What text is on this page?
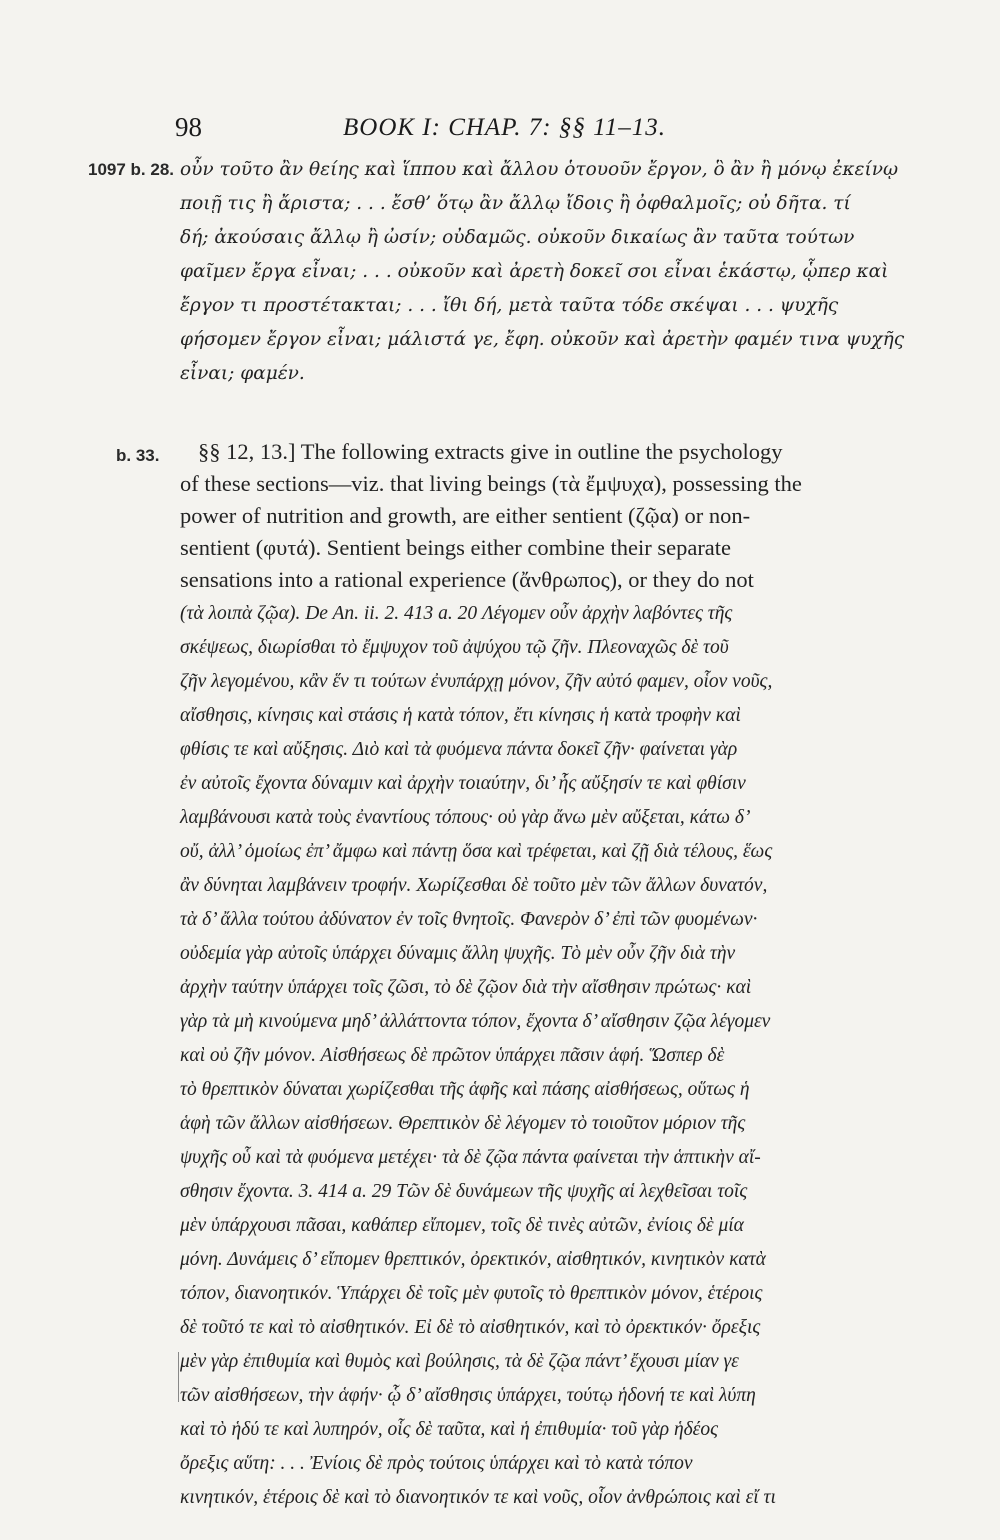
98	BOOK I: CHAP. 7: §§ 11–13.
1097 b. 28. οὖν τοῦτο ἂν θείης καὶ ἵππου καὶ ἄλλου ὁτουοῦν ἔργον, ὃ ἂν ἢ μόνῳ ἐκείνῳ
ποιῇ τις ἢ ἄριστα; . . . ἔσθ’ ὅτῳ ἂν ἄλλῳ ἴδοις ἢ ὀφθαλμοῖς; οὐ δῆτα. τί
δή; ἀκούσαις ἄλλῳ ἢ ὠσίν; οὐδαμῶς. οὐκοῦν δικαίως ἂν ταῦτα τούτων
φαῖμεν ἔργα εἶναι; . . . οὐκοῦν καὶ ἀρετὴ δοκεῖ σοι εἶναι ἑκάστῳ, ᾧπερ καὶ
ἔργον τι προστέτακται; . . . ἴθι δή, μετὰ ταῦτα τόδε σκέψαι . . . ψυχῆς
φήσομεν ἔργον εἶναι; μάλιστά γε, ἔφη. οὐκοῦν καὶ ἀρετὴν φαμέν τινα ψυχῆς
εἶναι; φαμέν.
b. 33. §§ 12, 13.] The following extracts give in outline the psychology
of these sections—viz. that living beings (τὰ ἔμψυχα), possessing the
power of nutrition and growth, are either sentient (ζῷα) or non-
sentient (φυτά). Sentient beings either combine their separate
sensations into a rational experience (ἄνθρωπος), or they do not
(τὰ λοιπὰ ζῷα). De An. ii. 2. 413 a. 20 Λέγομεν οὖν ἀρχὴν λαβόντες τῆς
σκέψεως, διωρίσθαι τὸ ἔμψυχον τοῦ ἀψύχου τῷ ζῆν. Πλεοναχῶς δὲ τοῦ
ζῆν λεγομένου, κἂν ἕν τι τούτων ἐνυπάρχῃ μόνον, ζῆν αὐτό φαμεν, οἷον νοῦς,
αἴσθησις, κίνησις καὶ στάσις ἡ κατὰ τόπον, ἔτι κίνησις ἡ κατὰ τροφὴν καὶ
φθίσις τε καὶ αὔξησις. Διὸ καὶ τὰ φυόμενα πάντα δοκεῖ ζῆν· φαίνεται γὰρ
ἐν αὐτοῖς ἔχοντα δύναμιν καὶ ἀρχὴν τοιαύτην, δι’ ἧς αὔξησίν τε καὶ φθίσιν
λαμβάνουσι κατὰ τοὺς ἐναντίους τόπους· οὐ γὰρ ἄνω μὲν αὔξεται, κάτω δ’
οὔ, ἀλλ’ ὁμοίως ἐπ’ ἄμφω καὶ πάντῃ ὅσα καὶ τρέφεται, καὶ ζῇ διὰ τέλους, ἕως
ἂν δύνηται λαμβάνειν τροφήν. Χωρίζεσθαι δὲ τοῦτο μὲν τῶν ἄλλων δυνατόν,
τὰ δ’ ἄλλα τούτου ἀδύνατον ἐν τοῖς θνητοῖς. Φανερὸν δ’ ἐπὶ τῶν φυομένων·
οὐδεμία γὰρ αὐτοῖς ὑπάρχει δύναμις ἄλλη ψυχῆς. Τὸ μὲν οὖν ζῆν διὰ τὴν
ἀρχὴν ταύτην ὑπάρχει τοῖς ζῶσι, τὸ δὲ ζῷον διὰ τὴν αἴσθησιν πρώτως· καὶ
γὰρ τὰ μὴ κινούμενα μηδ’ ἀλλάττοντα τόπον, ἔχοντα δ’ αἴσθησιν ζῷα λέγομεν
καὶ οὐ ζῆν μόνον. Αἰσθήσεως δὲ πρῶτον ὑπάρχει πᾶσιν ἁφή. Ὥσπερ δὲ
τὸ θρεπτικὸν δύναται χωρίζεσθαι τῆς ἁφῆς καὶ πάσης αἰσθήσεως, οὕτως ἡ
ἁφὴ τῶν ἄλλων αἰσθήσεων. Θρεπτικὸν δὲ λέγομεν τὸ τοιοῦτον μόριον τῆς
ψυχῆς οὗ καὶ τὰ φυόμενα μετέχει· τὰ δὲ ζῷα πάντα φαίνεται τὴν ἁπτικὴν αἴ-
σθησιν ἔχοντα. 3. 414 a. 29 Τῶν δὲ δυνάμεων τῆς ψυχῆς αἱ λεχθεῖσαι τοῖς
μὲν ὑπάρχουσι πᾶσαι, καθάπερ εἴπομεν, τοῖς δὲ τινὲς αὐτῶν, ἐνίοις δὲ μία
μόνη. Δυνάμεις δ’ εἴπομεν θρεπτικόν, ὀρεκτικόν, αἰσθητικόν, κινητικὸν κατὰ
τόπον, διανοητικόν. Ὑπάρχει δὲ τοῖς μὲν φυτοῖς τὸ θρεπτικὸν μόνον, ἑτέροις
δὲ τοῦτό τε καὶ τὸ αἰσθητικόν. Εἰ δὲ τὸ αἰσθητικόν, καὶ τὸ ὀρεκτικόν· ὄρεξις
μὲν γὰρ ἐπιθυμία καὶ θυμὸς καὶ βούλησις, τὰ δὲ ζῷα πάντ’ ἔχουσι μίαν γε
τῶν αἰσθήσεων, τὴν ἁφήν· ᾧ δ’ αἴσθησις ὑπάρχει, τούτῳ ἡδονή τε καὶ λύπη
καὶ τὸ ἡδύ τε καὶ λυπηρόν, οἷς δὲ ταῦτα, καὶ ἡ ἐπιθυμία· τοῦ γὰρ ἡδέος
ὄρεξις αὕτη: . . . Ἐνίοις δὲ πρὸς τούτοις ὑπάρχει καὶ τὸ κατὰ τόπον
κινητικόν, ἑτέροις δὲ καὶ τὸ διανοητικόν τε καὶ νοῦς, οἷον ἀνθρώποις καὶ εἴ τι
